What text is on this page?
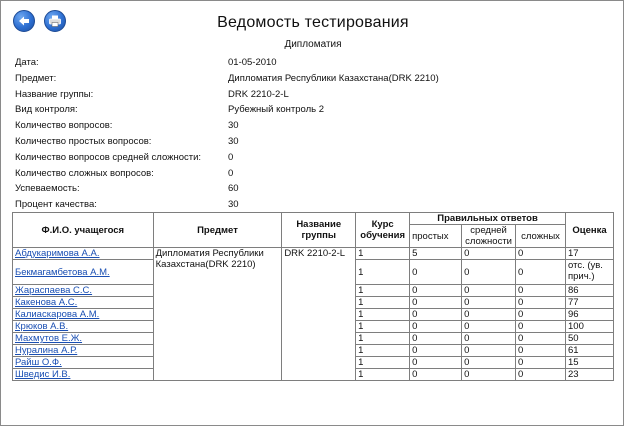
Ведомость тестирования
Дипломатия
Дата:	01-05-2010
Предмет:	Дипломатия Республики Казахстана(DRK 2210)
Название группы:	DRK 2210-2-L
Вид контроля:	Рубежный контроль 2
Количество вопросов:	30
Количество простых вопросов:	30
Количество вопросов средней сложности:	0
Количество сложных вопросов:	0
Успеваемость:	60
Процент качества:	30
Ф.И.О. учащегося	Предмет	Название группы	Курс обучения	Правильных ответов			Оценка
				простых	средней сложности	сложных	
Абдукаримова А.А.	Дипломатия Республики Казахстана(DRK 2210)	DRK 2210-2-L	1	5	0	0	17
Бекмагамбетова А.М.			1	0	0	0	отс. (ув. прич.)
Жараспаева С.С.			1	0	0	0	86
Какенова А.С.			1	0	0	0	77
Калиаскарова А.М.			1	0	0	0	96
Крюков А.В.			1	0	0	0	100
Махмутов Е.Ж.			1	0	0	0	50
Нуралина А.Р.			1	0	0	0	61
Райш О.Ф.			1	0	0	0	15
Шведис И.В.			1	0	0	0	23
